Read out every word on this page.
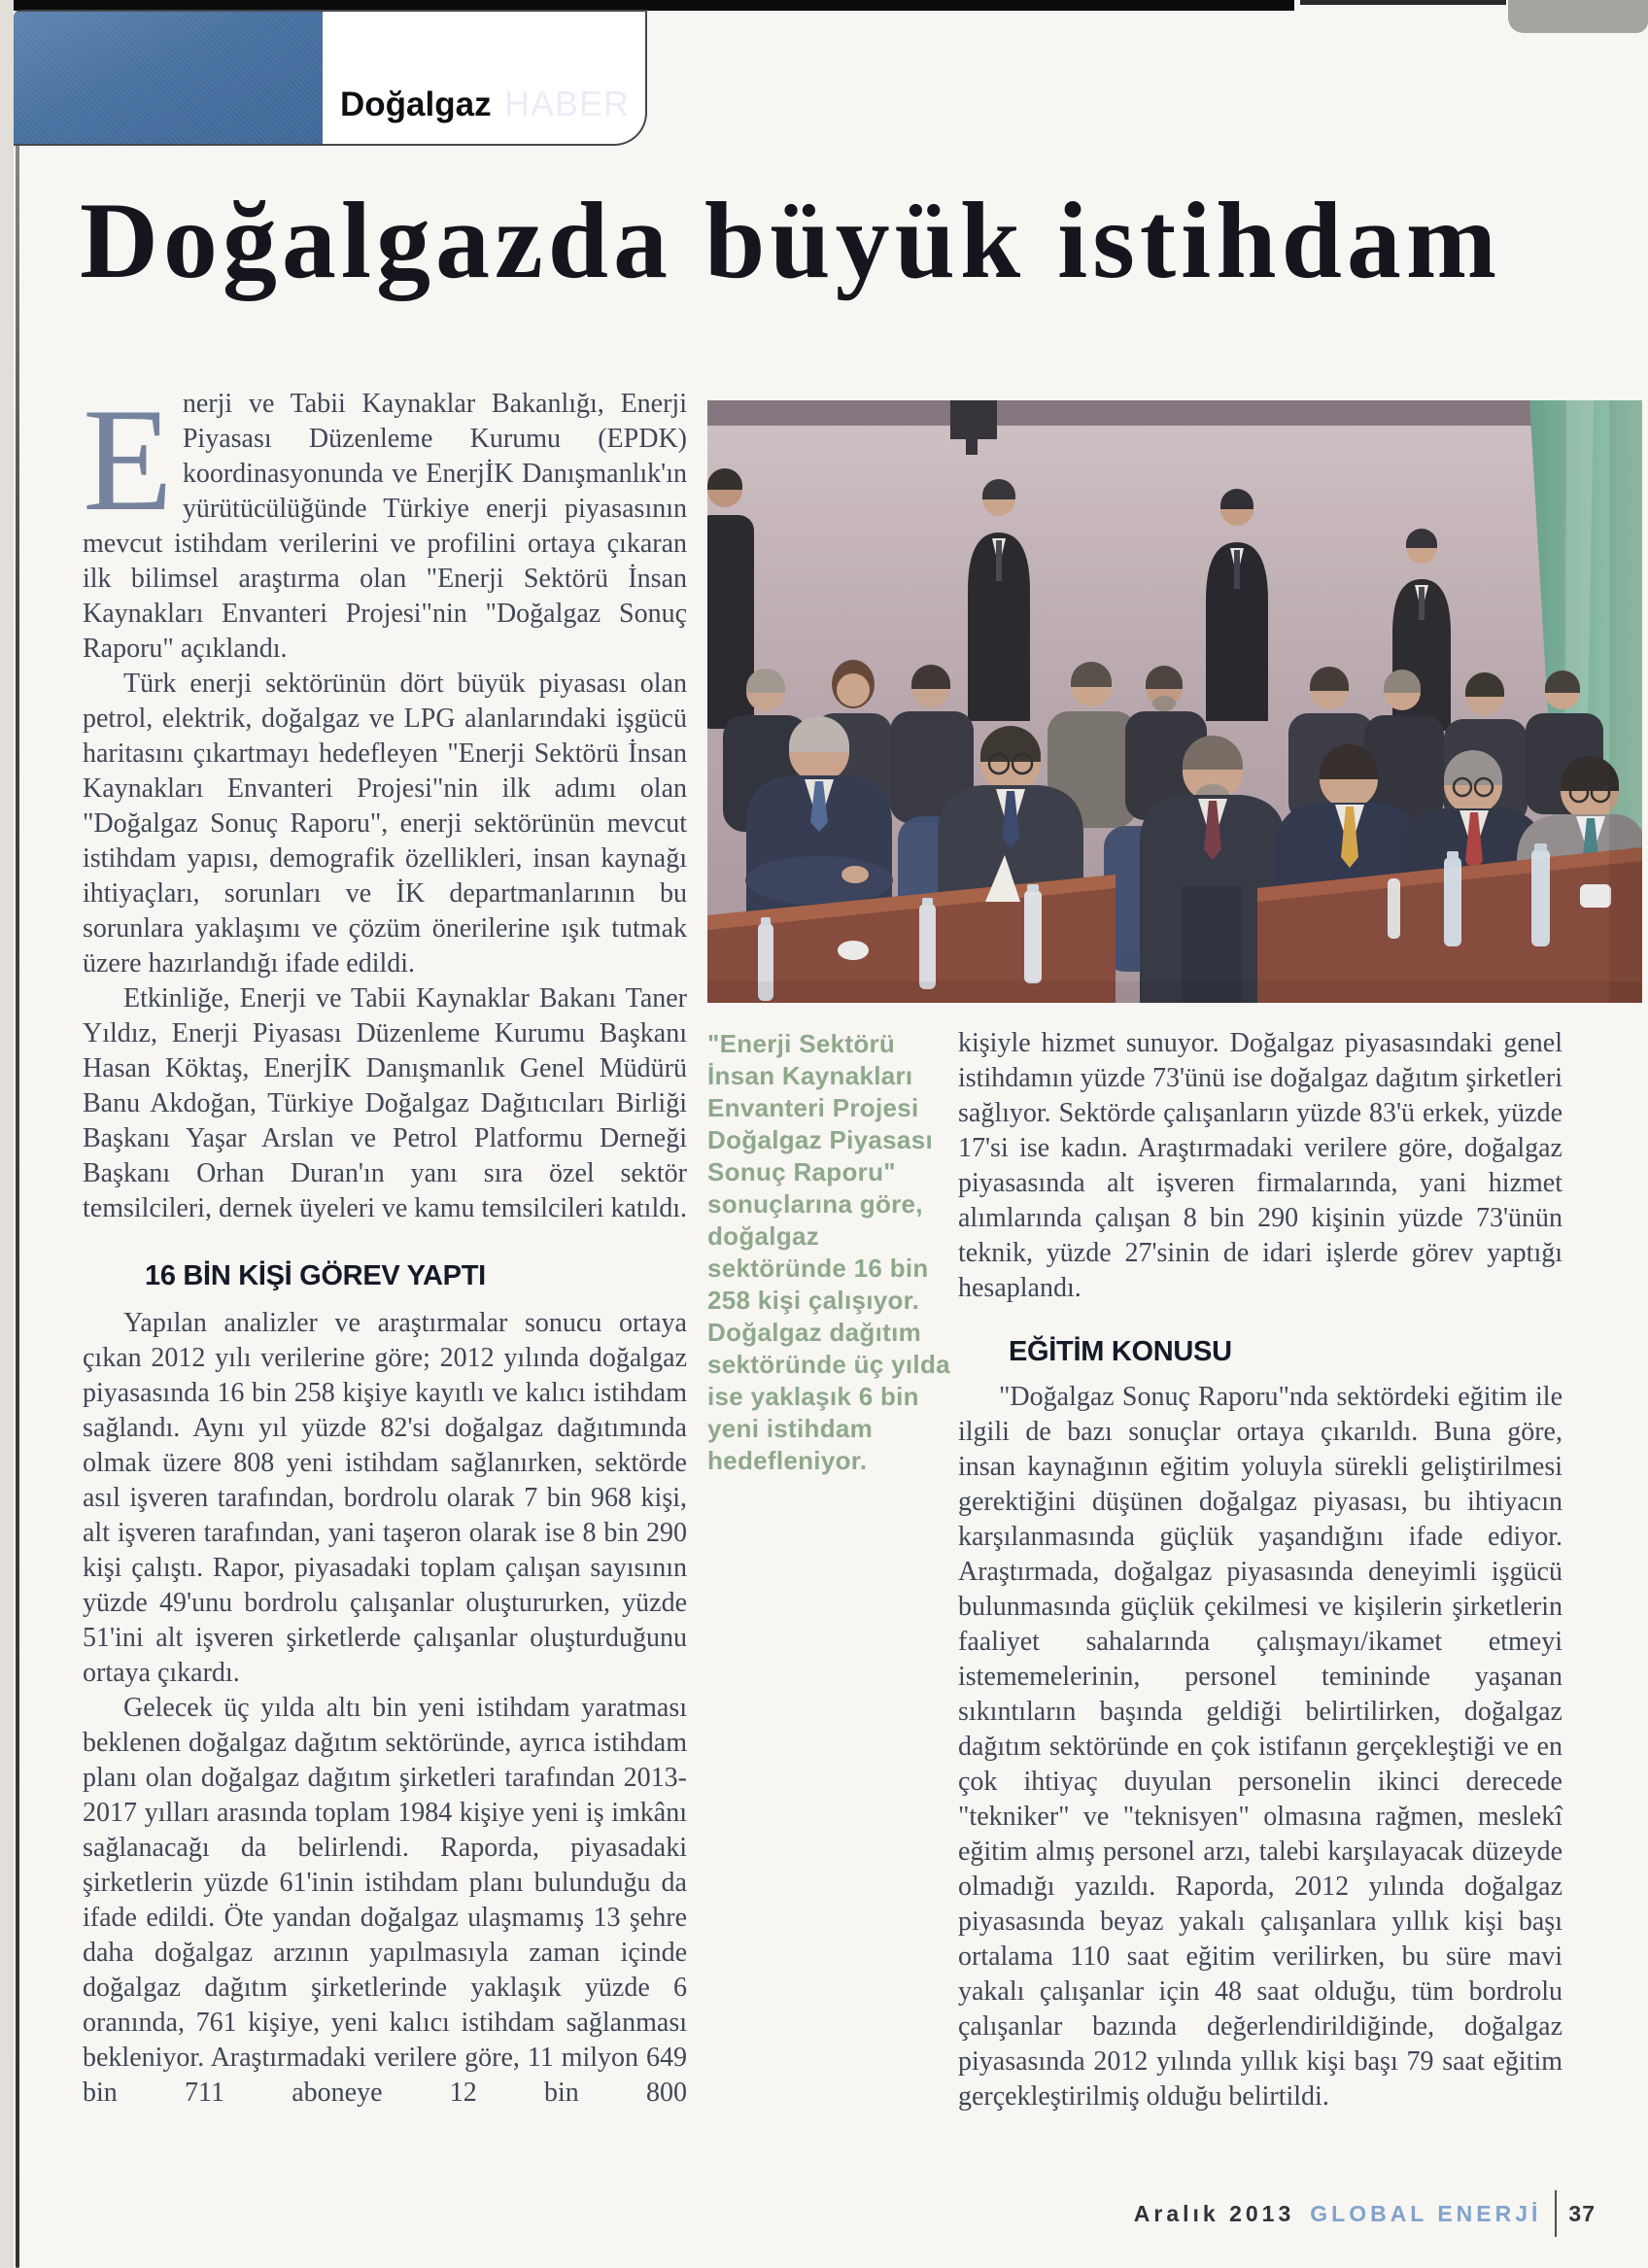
HABER
Doğalgaz
Doğalgazda büyük istihdam

Enerji ve Tabii Kaynaklar Bakanlığı, Enerji Piyasası Düzenleme Kurumu (EPDK) koordinasyonunda ve EnerjİK Danışmanlık'ın yürütücülüğünde Türkiye enerji piyasasının mevcut istihdam verilerini ve profilini ortaya çıkaran ilk bilimsel araştırma olan "Enerji Sektörü İnsan Kaynakları Envanteri Projesi"nin "Doğalgaz Sonuç Raporu" açıklandı.

Türk enerji sektörünün dört büyük piyasası olan petrol, elektrik, doğalgaz ve LPG alanlarındaki işgücü haritasını çıkartmayı hedefleyen "Enerji Sektörü İnsan Kaynakları Envanteri Projesi"nin ilk adımı olan "Doğalgaz Sonuç Raporu", enerji sektörünün mevcut istihdam yapısı, demografik özellikleri, insan kaynağı ihtiyaçları, sorunları ve İK departmanlarının bu sorunlara yaklaşımı ve çözüm önerilerine ışık tutmak üzere hazırlandığı ifade edildi.

Etkinliğe, Enerji ve Tabii Kaynaklar Bakanı Taner Yıldız, Enerji Piyasası Düzenleme Kurumu Başkanı Hasan Köktaş, EnerjİK Danışmanlık Genel Müdürü Banu Akdoğan, Türkiye Doğalgaz Dağıtıcıları Birliği Başkanı Yaşar Arslan ve Petrol Platformu Derneği Başkanı Orhan Duran'ın yanı sıra özel sektör temsilcileri, dernek üyeleri ve kamu temsilcileri katıldı.

16 BİN KİŞİ GÖREV YAPTI

Yapılan analizler ve araştırmalar sonucu ortaya çıkan 2012 yılı verilerine göre; 2012 yılında doğalgaz piyasasında 16 bin 258 kişiye kayıtlı ve kalıcı istihdam sağlandı. Aynı yıl yüzde 82'si doğalgaz dağıtımında olmak üzere 808 yeni istihdam sağlanırken, sektörde asıl işveren tarafından, bordrolu olarak 7 bin 968 kişi, alt işveren tarafından, yani taşeron olarak ise 8 bin 290 kişi çalıştı. Rapor, piyasadaki toplam çalışan sayısının yüzde 49'unu bordrolu çalışanlar oluştururken, yüzde 51'ini alt işveren şirketlerde çalışanlar oluşturduğunu ortaya çıkardı.

Gelecek üç yılda altı bin yeni istihdam yaratması beklenen doğalgaz dağıtım sektöründe, ayrıca istihdam planı olan doğalgaz dağıtım şirketleri tarafından 2013-2017 yılları arasında toplam 1984 kişiye yeni iş imkânı sağlanacağı da belirlendi. Raporda, piyasadaki şirketlerin yüzde 61'inin istihdam planı bulunduğu da ifade edildi. Öte yandan doğalgaz ulaşmamış 13 şehre daha doğalgaz arzının yapılmasıyla zaman içinde doğalgaz dağıtım şirketlerinde yaklaşık yüzde 6 oranında, 761 kişiye, yeni kalıcı istihdam sağlanması bekleniyor. Araştırmadaki verilere göre, 11 milyon 649 bin 711 aboneye 12 bin 800

"Enerji Sektörü İnsan Kaynakları Envanteri Projesi Doğalgaz Piyasası Sonuç Raporu" sonuçlarına göre, doğalgaz sektöründe 16 bin 258 kişi çalışıyor. Doğalgaz dağıtım sektöründe üç yılda ise yaklaşık 6 bin yeni istihdam hedefleniyor.

kişiyle hizmet sunuyor. Doğalgaz piyasasındaki genel istihdamın yüzde 73'ünü ise doğalgaz dağıtım şirketleri sağlıyor. Sektörde çalışanların yüzde 83'ü erkek, yüzde 17'si ise kadın. Araştırmadaki verilere göre, doğalgaz piyasasında alt işveren firmalarında, yani hizmet alımlarında çalışan 8 bin 290 kişinin yüzde 73'ünün teknik, yüzde 27'sinin de idari işlerde görev yaptığı hesaplandı.

EĞİTİM KONUSU

"Doğalgaz Sonuç Raporu"nda sektördeki eğitim ile ilgili de bazı sonuçlar ortaya çıkarıldı. Buna göre, insan kaynağının eğitim yoluyla sürekli geliştirilmesi gerektiğini düşünen doğalgaz piyasası, bu ihtiyacın karşılanmasında güçlük yaşandığını ifade ediyor. Araştırmada, doğalgaz piyasasında deneyimli işgücü bulunmasında güçlük çekilmesi ve kişilerin şirketlerin faaliyet sahalarında çalışmayı/ikamet etmeyi istememelerinin, personel temininde yaşanan sıkıntıların başında geldiği belirtilirken, doğalgaz dağıtım sektöründe en çok istifanın gerçekleştiği ve en çok ihtiyaç duyulan personelin ikinci derecede "tekniker" ve "teknisyen" olmasına rağmen, meslekî eğitim almış personel arzı, talebi karşılayacak düzeyde olmadığı yazıldı. Raporda, 2012 yılında doğalgaz piyasasında beyaz yakalı çalışanlara yıllık kişi başı ortalama 110 saat eğitim verilirken, bu süre mavi yakalı çalışanlar için 48 saat olduğu, tüm bordrolu çalışanlar bazında değerlendirildiğinde, doğalgaz piyasasında 2012 yılında yıllık kişi başı 79 saat eğitim gerçekleştirilmiş olduğu belirtildi.

Aralık 2013 GLOBAL ENERJİ 37
